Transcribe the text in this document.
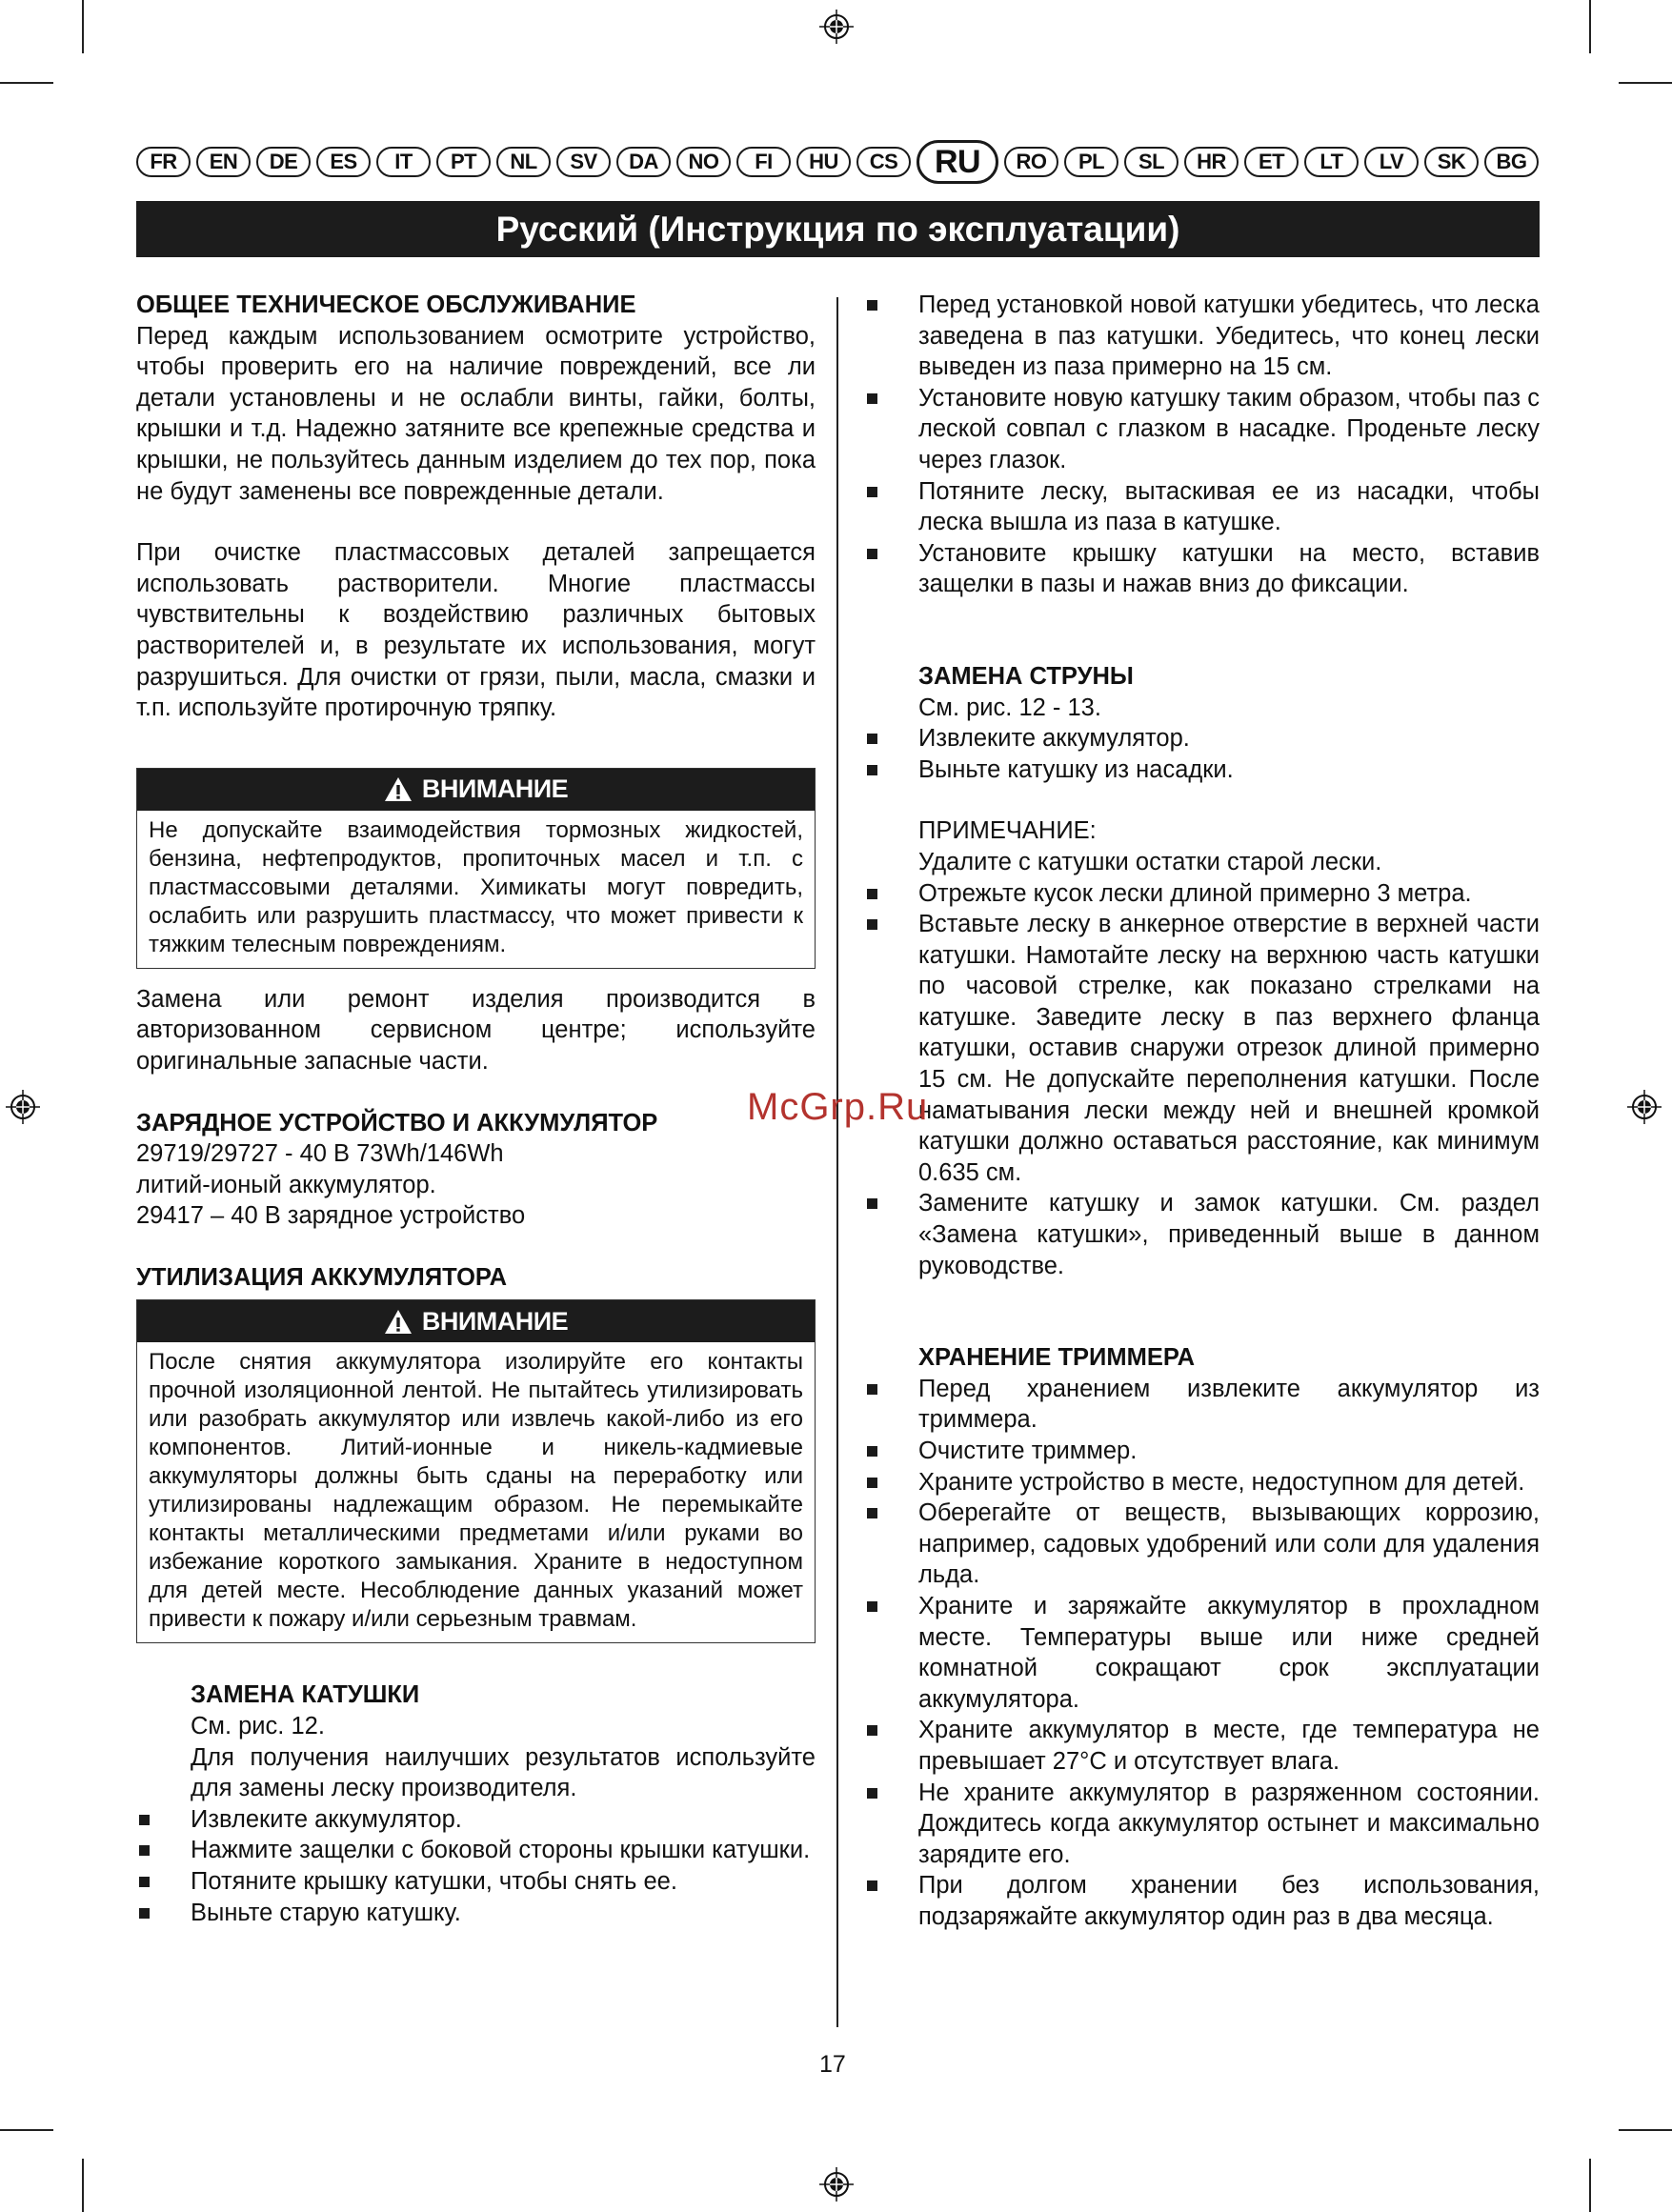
FR	EN	DE	ES	IT	PT	NL	SV	DA	NO	FI	HU	CS	RU	RO	PL	SL	HR	ET	LT	LV	SK	BG
Русский (Инструкция по эксплуатации)

ОБЩЕЕ ТЕХНИЧЕСКОЕ ОБСЛУЖИВАНИЕ

Перед каждым использованием осмотрите устройство, чтобы проверить его на наличие повреждений, все ли детали установлены и не ослабли винты, гайки, болты, крышки и т.д. Надежно затяните все крепежные средства и крышки, не пользуйтесь данным изделием до тех пор, пока не будут заменены все поврежденные детали.

При очистке пластмассовых деталей запрещается использовать растворители. Многие пластмассы чувствительны к воздействию различных бытовых растворителей и, в результате их использования, могут разрушиться. Для очистки от грязи, пыли, масла, смазки и т.п. используйте протирочную тряпку.

ВНИМАНИЕ
Не допускайте взаимодействия тормозных жидкостей, бензина, нефтепродуктов, пропиточных масел и т.п. с пластмассовыми деталями. Химикаты могут повредить, ослабить или разрушить пластмассу, что может привести к тяжким телесным повреждениям.

Замена или ремонт изделия производится в авторизованном сервисном центре; используйте оригинальные запасные части.

ЗАРЯДНОЕ УСТРОЙСТВО И АККУМУЛЯТОР

29719/29727 - 40 В 73Wh/146Wh

литий-ионый аккумулятор.

29417 – 40 В зарядное устройство

УТИЛИЗАЦИЯ АККУМУЛЯТОРА

ВНИМАНИЕ
После снятия аккумулятора изолируйте его контакты прочной изоляционной лентой. Не пытайтесь утилизировать или разобрать аккумулятор или извлечь какой-либо из его компонентов. Литий-ионные и никель-кадмиевые аккумуляторы должны быть сданы на переработку или утилизированы надлежащим образом. Не перемыкайте контакты металлическими предметами и/или руками во избежание короткого замыкания. Храните в недоступном для детей месте. Несоблюдение данных указаний может привести к пожару и/или серьезным травмам.

ЗАМЕНА КАТУШКИ

См. рис. 12.

Для получения наилучших результатов используйте для замены леску производителя.

Извлеките аккумулятор.
Нажмите защелки с боковой стороны крышки катушки.
Потяните крышку катушки, чтобы снять ее.
Выньте старую катушку.
Перед установкой новой катушки убедитесь, что леска заведена в паз катушки. Убедитесь, что конец лески выведен из паза примерно на 15 см.
Установите новую катушку таким образом, чтобы паз с леской совпал с глазком в насадке. Проденьте леску через глазок.
Потяните леску, вытаскивая ее из насадки, чтобы леска вышла из паза в катушке.
Установите крышку катушки на место, вставив защелки в пазы и нажав вниз до фиксации.

ЗАМЕНА СТРУНЫ

См. рис. 12 - 13.

Извлеките аккумулятор.
Выньте катушку из насадки.

ПРИМЕЧАНИЕ:

Удалите с катушки остатки старой лески.

Отрежьте кусок лески длиной примерно 3 метра.
Вставьте леску в анкерное отверстие в верхней части катушки. Намотайте леску на верхнюю часть катушки по часовой стрелке, как показано стрелками на катушке. Заведите леску в паз верхнего фланца катушки, оставив снаружи отрезок длиной примерно 15 см. Не допускайте переполнения катушки. После наматывания лески между ней и внешней кромкой катушки должно оставаться расстояние, как минимум 0.635 см.
Замените катушку и замок катушки. См. раздел «Замена катушки», приведенный выше в данном руководстве.

ХРАНЕНИЕ ТРИММЕРА

Перед хранением извлеките аккумулятор из триммера.
Очистите триммер.
Храните устройство в месте, недоступном для детей.
Оберегайте от веществ, вызывающих коррозию, например, садовых удобрений или соли для удаления льда.
Храните и заряжайте аккумулятор в прохладном месте. Температуры выше или ниже средней комнатной сокращают срок эксплуатации аккумулятора.
Храните аккумулятор в месте, где температура не превышает 27°C и отсутствует влага.
Не храните аккумулятор в разряженном состоянии. Дождитесь когда аккумулятор остынет и максимально зарядите его.
При долгом хранении без использования, подзаряжайте аккумулятор один раз в два месяца.
McGrp.Ru
17
